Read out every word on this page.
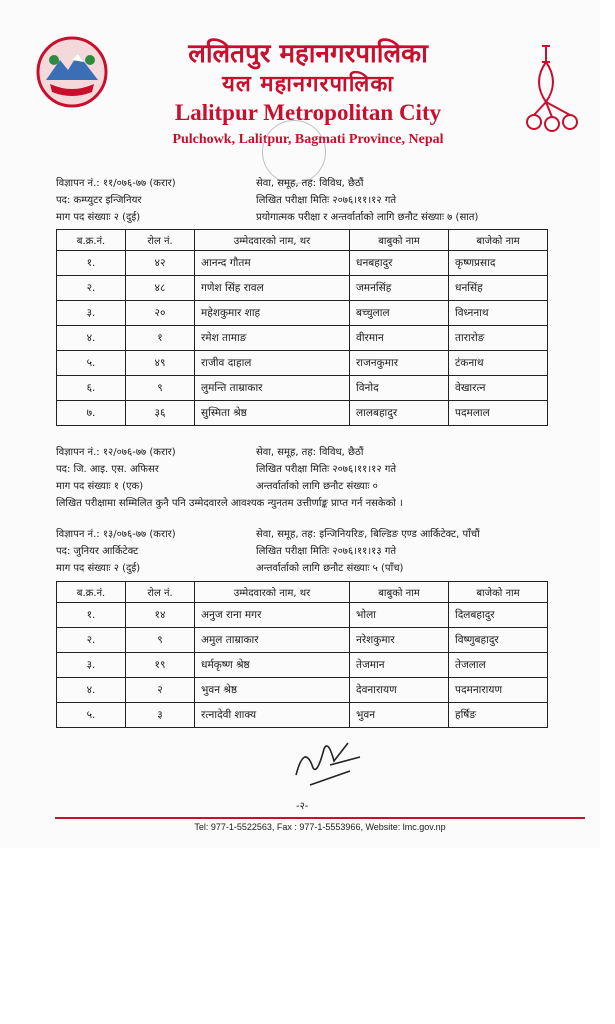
ललितपुर महानगरपालिका
यल महानगरपालिका
Lalitpur Metropolitan City
Pulchowk, Lalitpur, Bagmati Province, Nepal
विज्ञापन नं.: ११/०७६-७७ (करार)	सेवा, समूह, तह: विविध, छैठौं
पद: कम्प्युटर इन्जिनियर	लिखित परीक्षा मितिः २०७६।११।१२ गते
माग पद संख्याः २ (दुई)	प्रयोगात्मक परीक्षा र अन्तर्वार्ताको लागि छनौट संख्याः ७ (सात)
ब.क्र.नं.	रोल नं.	उम्मेदवारको नाम, थर	बाबुको नाम	बाजेको नाम
१.	४२	आनन्द गौतम	धनबहादुर	कृष्णप्रसाद
२.	४८	गणेश सिंह रावल	जमनसिंह	धनसिंह
३.	२०	महेशकुमार शाह	बच्चुलाल	विध्ननाथ
४.	१	रमेश तामाङ	वीरमान	ताराराेङ
५.	४९	राजीव दाहाल	राजनकुमार	टंकनाथ
६.	९	लुमन्ति ताम्राकार	विनोद	वेखारत्न
७.	३६	सुस्मिता श्रेष्ठ	लालबहादुर	पदमलाल
विज्ञापन नं.: १२/०७६-७७ (करार)	सेवा, समूह, तह: विविध, छैठौं
पद: जि. आइ. एस. अफिसर	लिखित परीक्षा मितिः २०७६।११।१२ गते
माग पद संख्याः १ (एक)	अन्तर्वार्ताको लागि छनौट संख्याः ०
लिखित परीक्षामा सम्मिलित कुनै पनि उम्मेदवारले आवश्यक न्युनतम उत्तीर्णाङ्क प्राप्त गर्न नसकेको ।
विज्ञापन नं.: १३/०७६-७७ (करार)	सेवा, समूह, तह: इन्जिनियरिङ, बिल्डिङ एण्ड आर्किटेक्ट, पाँचौं
पद: जुनियर आर्किटेक्ट	लिखित परीक्षा मितिः २०७६।११।१३ गते
माग पद संख्याः २ (दुई)	अन्तर्वार्ताको लागि छनौट संख्याः ५ (पाँच)
ब.क्र.नं.	रोल नं.	उम्मेदवारको नाम, थर	बाबुको नाम	बाजेको नाम
१.	१४	अनुज राना मगर	भोला	दिलबहादुर
२.	९	अमुल ताम्राकार	नरेशकुमार	विष्णुबहादुर
३.	१९	धर्मकृष्ण श्रेष्ठ	तेजमान	तेजलाल
४.	२	भुवन श्रेष्ठ	देवनारायण	पदमनारायण
५.	३	रत्नादेवी शाक्य	भुवन	हर्षिङ
-२-
Tel: 977-1-5522563, Fax : 977-1-5553966, Website: lmc.gov.np
